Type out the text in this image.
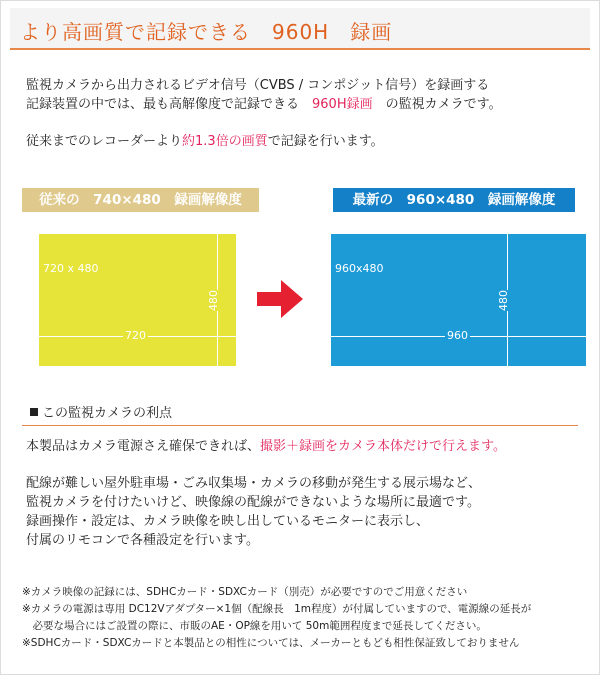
より高画質で記録できる　960H　録画
監視カメラから出力されるビデオ信号（CVBS / コンポジット信号）を録画する
記録装置の中では、最も高解像度で記録できる　960H録画　の監視カメラです。
従来までのレコーダーより約1.3倍の画質で記録を行います。
従来の　740×480　録画解像度	最新の　960×480　録画解像度
720 x 480
720
480
960x480
960
480
この監視カメラの利点
本製品はカメラ電源さえ確保できれば、撮影＋録画をカメラ本体だけで行えます。
配線が難しい屋外駐車場・ごみ収集場・カメラの移動が発生する展示場など、
監視カメラを付けたいけど、映像線の配線ができないような場所に最適です。
録画操作・設定は、カメラ映像を映し出しているモニターに表示し、
付属のリモコンで各種設定を行います。
※カメラ映像の記録には、SDHCカード・SDXCカード（別売）が必要ですのでご用意ください
※カメラの電源は専用 DC12Vアダプター×1個（配線長　1m程度）が付属していますので、電源線の延長が
　必要な場合にはご設置の際に、市販のAE・OP線を用いて 50m範囲程度まで延長してください。
※SDHCカード・SDXCカードと本製品との相性については、メーカーともども相性保証致しておりません
